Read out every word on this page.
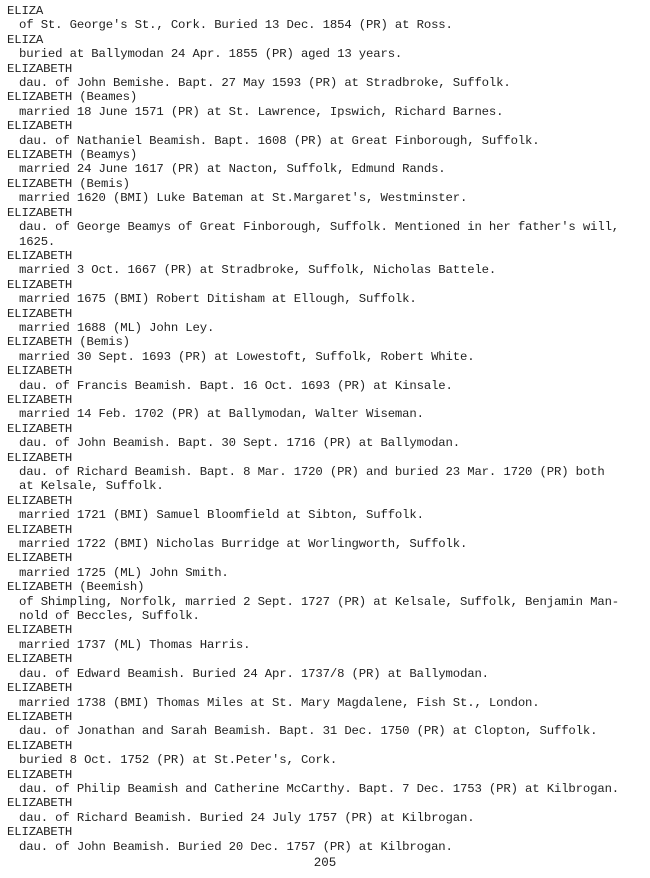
ELIZA
of St. George's St., Cork. Buried 13 Dec. 1854 (PR) at Ross.
ELIZA
buried at Ballymodan 24 Apr. 1855 (PR) aged 13 years.
ELIZABETH
dau. of John Bemishe. Bapt. 27 May 1593 (PR) at Stradbroke, Suffolk.
ELIZABETH (Beames)
married 18 June 1571 (PR) at St. Lawrence, Ipswich, Richard Barnes.
ELIZABETH
dau. of Nathaniel Beamish. Bapt. 1608 (PR) at Great Finborough, Suffolk.
ELIZABETH (Beamys)
married 24 June 1617 (PR) at Nacton, Suffolk, Edmund Rands.
ELIZABETH (Bemis)
married 1620 (BMI) Luke Bateman at St.Margaret's, Westminster.
ELIZABETH
dau. of George Beamys of Great Finborough, Suffolk. Mentioned in her father's will,
1625.
ELIZABETH
married 3 Oct. 1667 (PR) at Stradbroke, Suffolk, Nicholas Battele.
ELIZABETH
married 1675 (BMI) Robert Ditisham at Ellough, Suffolk.
ELIZABETH
married 1688 (ML) John Ley.
ELIZABETH (Bemis)
married 30 Sept. 1693 (PR) at Lowestoft, Suffolk, Robert White.
ELIZABETH
dau. of Francis Beamish. Bapt. 16 Oct. 1693 (PR) at Kinsale.
ELIZABETH
married 14 Feb. 1702 (PR) at Ballymodan, Walter Wiseman.
ELIZABETH
dau. of John Beamish. Bapt. 30 Sept. 1716 (PR) at Ballymodan.
ELIZABETH
dau. of Richard Beamish. Bapt. 8 Mar. 1720 (PR) and buried 23 Mar. 1720 (PR) both
at Kelsale, Suffolk.
ELIZABETH
married 1721 (BMI) Samuel Bloomfield at Sibton, Suffolk.
ELIZABETH
married 1722 (BMI) Nicholas Burridge at Worlingworth, Suffolk.
ELIZABETH
married 1725 (ML) John Smith.
ELIZABETH (Beemish)
of Shimpling, Norfolk, married 2 Sept. 1727 (PR) at Kelsale, Suffolk, Benjamin Man-
nold of Beccles, Suffolk.
ELIZABETH
married 1737 (ML) Thomas Harris.
ELIZABETH
dau. of Edward Beamish. Buried 24 Apr. 1737/8 (PR) at Ballymodan.
ELIZABETH
married 1738 (BMI) Thomas Miles at St. Mary Magdalene, Fish St., London.
ELIZABETH
dau. of Jonathan and Sarah Beamish. Bapt. 31 Dec. 1750 (PR) at Clopton, Suffolk.
ELIZABETH
buried 8 Oct. 1752 (PR) at St.Peter's, Cork.
ELIZABETH
dau. of Philip Beamish and Catherine McCarthy. Bapt. 7 Dec. 1753 (PR) at Kilbrogan.
ELIZABETH
dau. of Richard Beamish. Buried 24 July 1757 (PR) at Kilbrogan.
ELIZABETH
dau. of John Beamish. Buried 20 Dec. 1757 (PR) at Kilbrogan.
205
